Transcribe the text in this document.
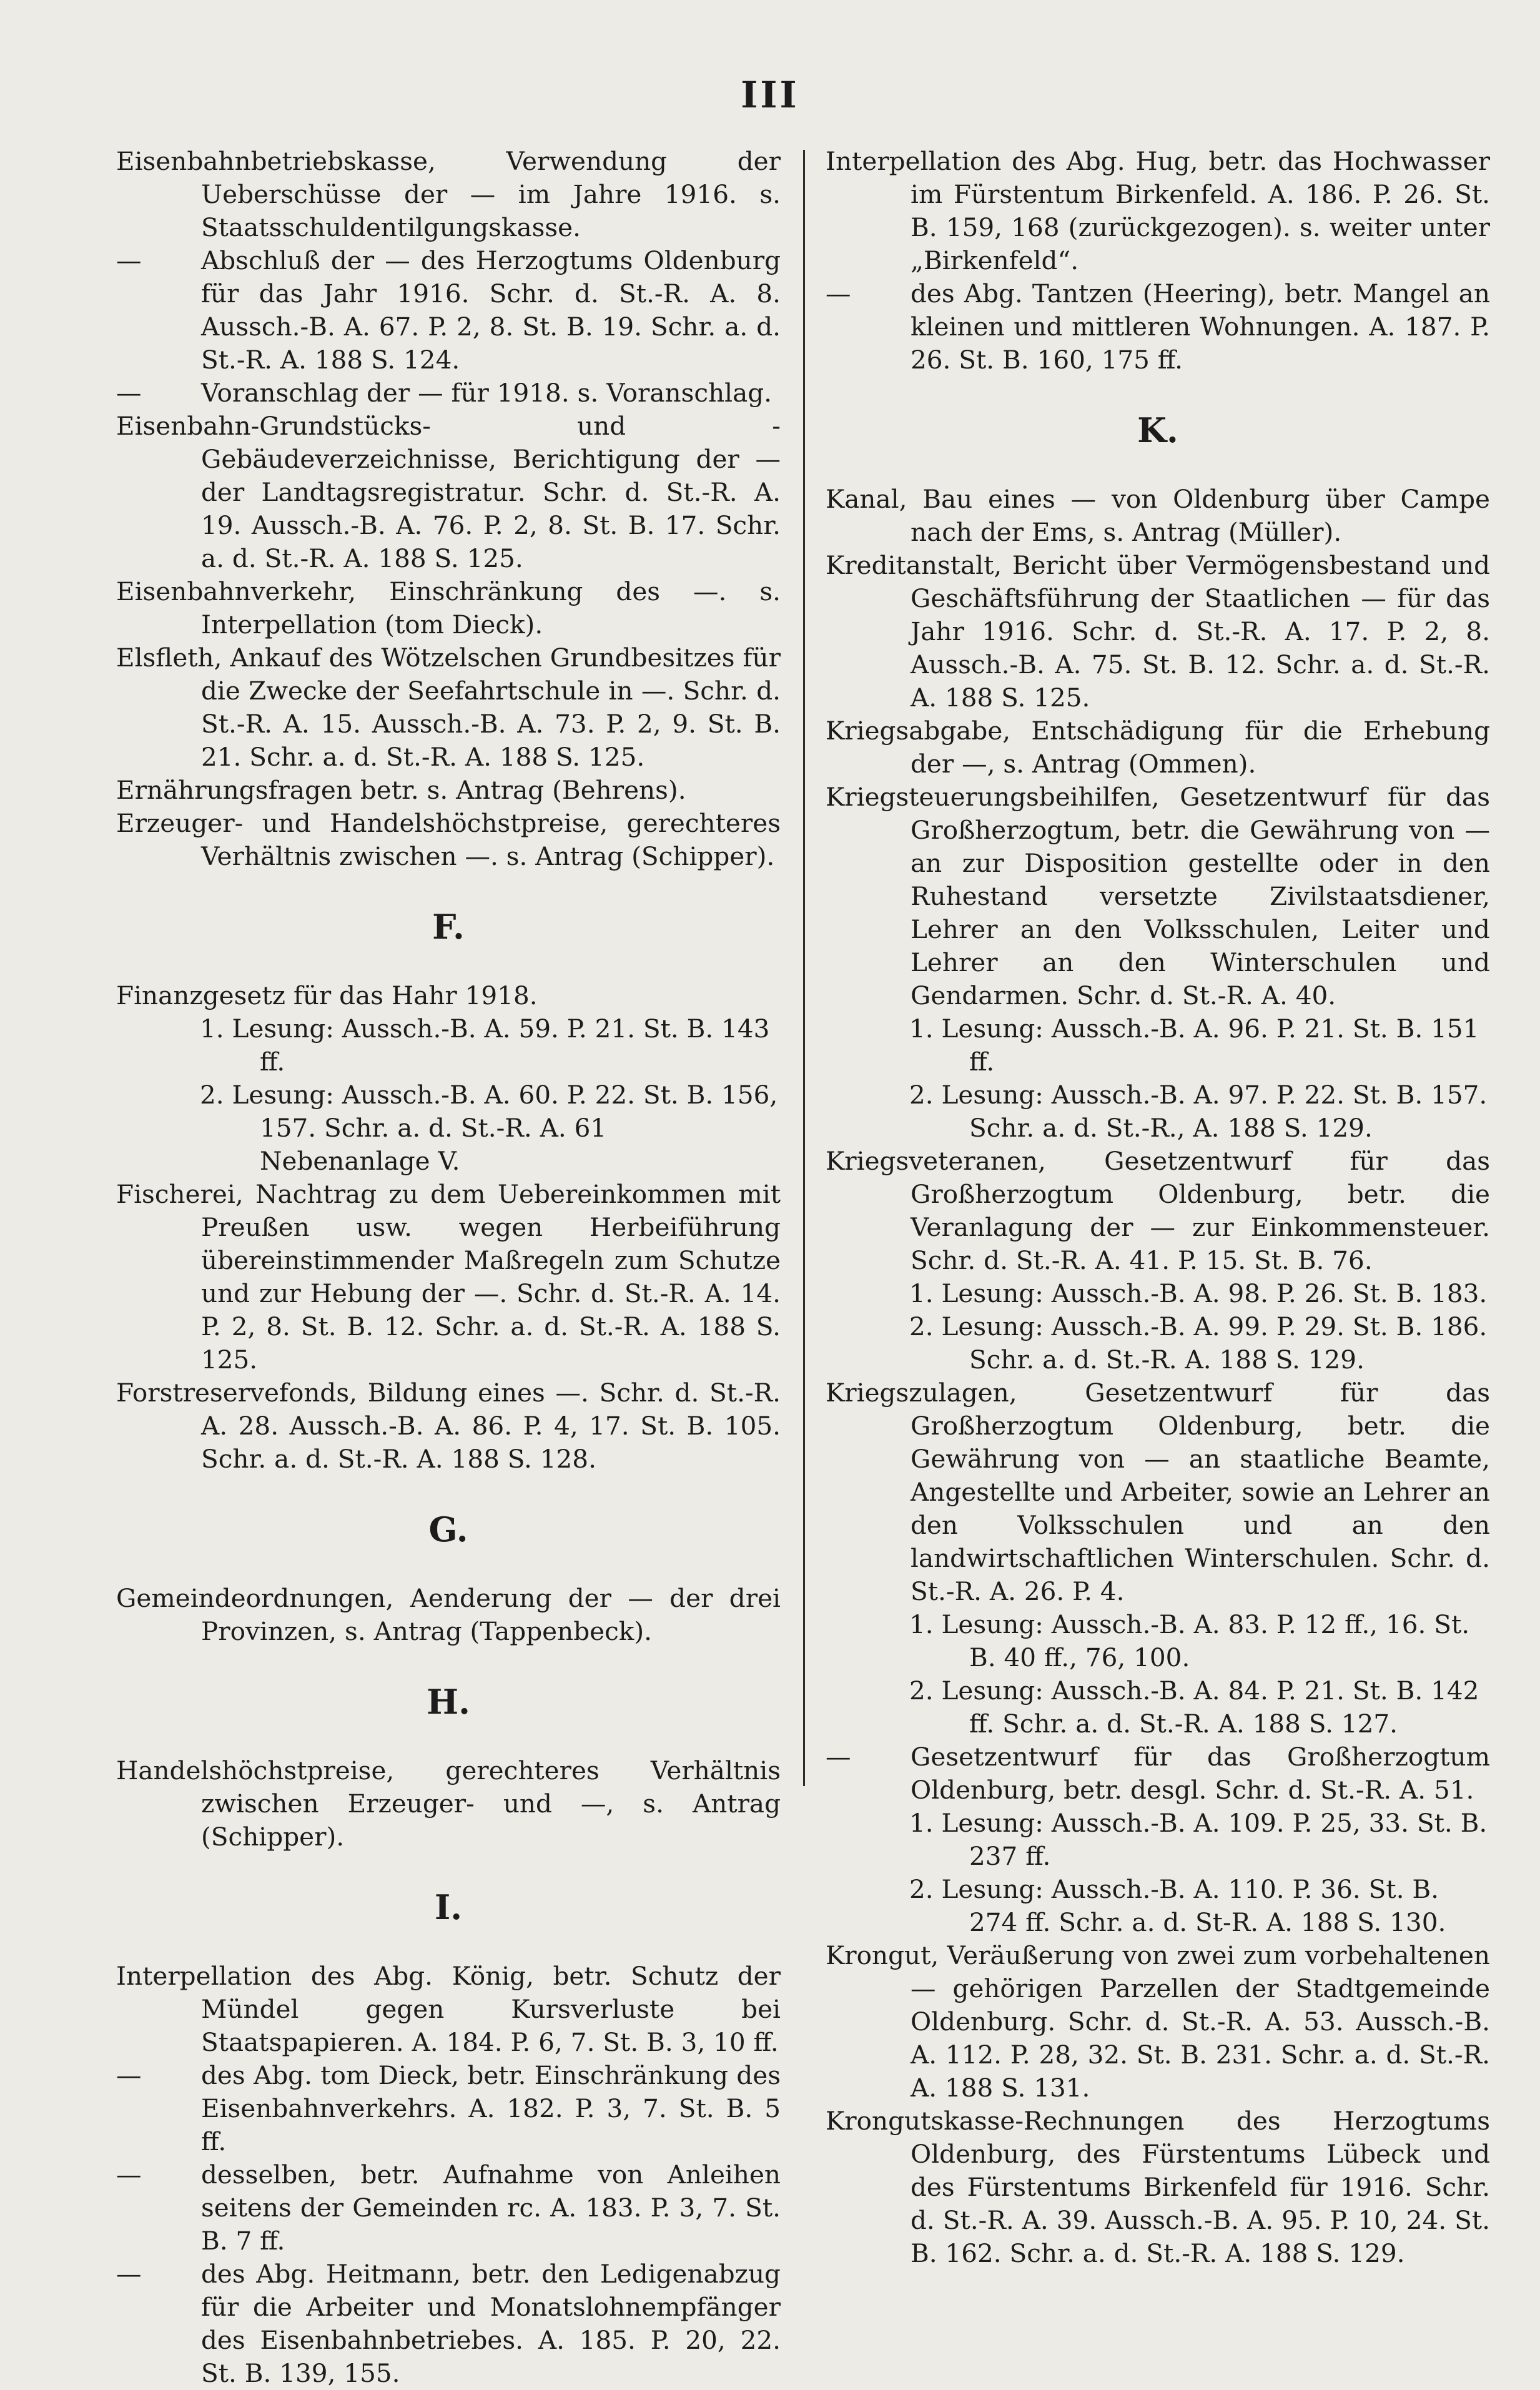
III

Eisenbahnbetriebskasse, Verwendung der Ueberschüsse der — im Jahre 1916. s. Staatsschuldentilgungskasse.

— Abschluß der — des Herzogtums Oldenburg für das Jahr 1916. Schr. d. St.-R. A. 8. Aussch.-B. A. 67. P. 2, 8. St. B. 19. Schr. a. d. St.-R. A. 188 S. 124.

— Voranschlag der — für 1918. s. Voranschlag.

Eisenbahn-Grundstücks- und -Gebäudeverzeichnisse, Berichtigung der — der Landtagsregistratur. Schr. d. St.-R. A. 19. Aussch.-B. A. 76. P. 2, 8. St. B. 17. Schr. a. d. St.-R. A. 188 S. 125.

Eisenbahnverkehr, Einschränkung des —. s. Interpellation (tom Dieck).

Elsfleth, Ankauf des Wötzelschen Grundbesitzes für die Zwecke der Seefahrtschule in —. Schr. d. St.-R. A. 15. Aussch.-B. A. 73. P. 2, 9. St. B. 21. Schr. a. d. St.-R. A. 188 S. 125.

Ernährungsfragen betr. s. Antrag (Behrens).

Erzeuger- und Handelshöchstpreise, gerechteres Verhältnis zwischen —. s. Antrag (Schipper).

F.

Finanzgesetz für das Hahr 1918.

1. Lesung: Aussch.-B. A. 59. P. 21. St. B. 143 ff.

2. Lesung: Aussch.-B. A. 60. P. 22. St. B. 156, 157. Schr. a. d. St.-R. A. 61 Nebenanlage V.

Fischerei, Nachtrag zu dem Uebereinkommen mit Preußen usw. wegen Herbeiführung übereinstimmender Maßregeln zum Schutze und zur Hebung der —. Schr. d. St.-R. A. 14. P. 2, 8. St. B. 12. Schr. a. d. St.-R. A. 188 S. 125.

Forstreservefonds, Bildung eines —. Schr. d. St.-R. A. 28. Aussch.-B. A. 86. P. 4, 17. St. B. 105. Schr. a. d. St.-R. A. 188 S. 128.

G.

Gemeindeordnungen, Aenderung der — der drei Provinzen, s. Antrag (Tappenbeck).

H.

Handelshöchstpreise, gerechteres Verhältnis zwischen Erzeuger- und —, s. Antrag (Schipper).

I.

Interpellation des Abg. König, betr. Schutz der Mündel gegen Kursverluste bei Staatspapieren. A. 184. P. 6, 7. St. B. 3, 10 ff.

— des Abg. tom Dieck, betr. Einschränkung des Eisenbahnverkehrs. A. 182. P. 3, 7. St. B. 5 ff.

— desselben, betr. Aufnahme von Anleihen seitens der Gemeinden rc. A. 183. P. 3, 7. St. B. 7 ff.

— des Abg. Heitmann, betr. den Ledigenabzug für die Arbeiter und Monatslohnempfänger des Eisenbahnbetriebes. A. 185. P. 20, 22. St. B. 139, 155.

Interpellation des Abg. Hug, betr. das Hochwasser im Fürstentum Birkenfeld. A. 186. P. 26. St. B. 159, 168 (zurückgezogen). s. weiter unter „Birkenfeld“.

— des Abg. Tantzen (Heering), betr. Mangel an kleinen und mittleren Wohnungen. A. 187. P. 26. St. B. 160, 175 ff.

K.

Kanal, Bau eines — von Oldenburg über Campe nach der Ems, s. Antrag (Müller).

Kreditanstalt, Bericht über Vermögensbestand und Geschäftsführung der Staatlichen — für das Jahr 1916. Schr. d. St.-R. A. 17. P. 2, 8. Aussch.-B. A. 75. St. B. 12. Schr. a. d. St.-R. A. 188 S. 125.

Kriegsabgabe, Entschädigung für die Erhebung der —, s. Antrag (Ommen).

Kriegsteuerungsbeihilfen, Gesetzentwurf für das Großherzogtum, betr. die Gewährung von — an zur Disposition gestellte oder in den Ruhestand versetzte Zivilstaatsdiener, Lehrer an den Volksschulen, Leiter und Lehrer an den Winterschulen und Gendarmen. Schr. d. St.-R. A. 40.

1. Lesung: Aussch.-B. A. 96. P. 21. St. B. 151 ff.

2. Lesung: Aussch.-B. A. 97. P. 22. St. B. 157. Schr. a. d. St.-R., A. 188 S. 129.

Kriegsveteranen, Gesetzentwurf für das Großherzogtum Oldenburg, betr. die Veranlagung der — zur Einkommensteuer. Schr. d. St.-R. A. 41. P. 15. St. B. 76.

1. Lesung: Aussch.-B. A. 98. P. 26. St. B. 183.

2. Lesung: Aussch.-B. A. 99. P. 29. St. B. 186. Schr. a. d. St.-R. A. 188 S. 129.

Kriegszulagen, Gesetzentwurf für das Großherzogtum Oldenburg, betr. die Gewährung von — an staatliche Beamte, Angestellte und Arbeiter, sowie an Lehrer an den Volksschulen und an den landwirtschaftlichen Winterschulen. Schr. d. St.-R. A. 26. P. 4.

1. Lesung: Aussch.-B. A. 83. P. 12 ff., 16. St. B. 40 ff., 76, 100.

2. Lesung: Aussch.-B. A. 84. P. 21. St. B. 142 ff. Schr. a. d. St.-R. A. 188 S. 127.

— Gesetzentwurf für das Großherzogtum Oldenburg, betr. desgl. Schr. d. St.-R. A. 51.

1. Lesung: Aussch.-B. A. 109. P. 25, 33. St. B. 237 ff.

2. Lesung: Aussch.-B. A. 110. P. 36. St. B. 274 ff. Schr. a. d. St-R. A. 188 S. 130.

Krongut, Veräußerung von zwei zum vorbehaltenen — gehörigen Parzellen der Stadtgemeinde Oldenburg. Schr. d. St.-R. A. 53. Aussch.-B. A. 112. P. 28, 32. St. B. 231. Schr. a. d. St.-R. A. 188 S. 131.

Krongutskasse-Rechnungen des Herzogtums Oldenburg, des Fürstentums Lübeck und des Fürstentums Birkenfeld für 1916. Schr. d. St.-R. A. 39. Aussch.-B. A. 95. P. 10, 24. St. B. 162. Schr. a. d. St.-R. A. 188 S. 129.
